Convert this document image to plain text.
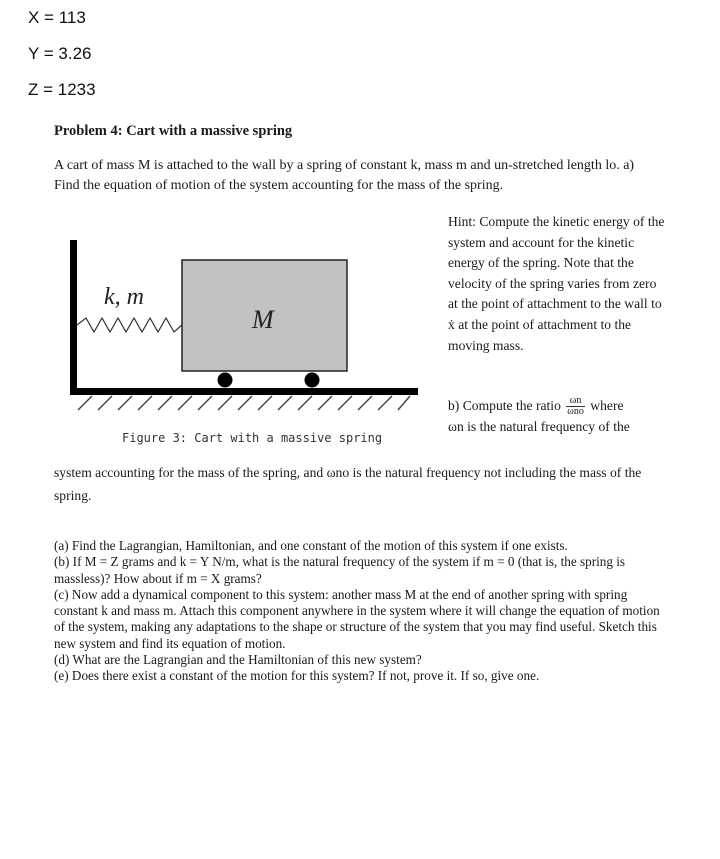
X = 113
Y = 3.26
Z = 1233
Problem 4: Cart with a massive spring
A cart of mass M is attached to the wall by a spring of constant k, mass m and un-stretched length lo. a) Find the equation of motion of the system accounting for the mass of the spring.
k, m
M
Figure 3: Cart with a massive spring
Hint: Compute the kinetic energy of the system and account for the kinetic energy of the spring. Note that the velocity of the spring varies from zero at the point of attachment to the wall to ẋ at the point of attachment to the moving mass.
b) Compute the ratio $\frac{\omega n}{\text{ωno}}$ where
ωn is the natural frequency of the
system accounting for the mass of the spring, and ωno is the natural frequency not including the mass of the spring.
(a) Find the Lagrangian, Hamiltonian, and one constant of the motion of this system if one exists.
(b) If M = Z grams and k = Y N/m, what is the natural frequency of the system if m = 0 (that is, the spring is massless)? How about if m = X grams?
(c) Now add a dynamical component to this system: another mass M at the end of another spring with spring constant k and mass m. Attach this component anywhere in the system where it will change the equation of motion of the system, making any adaptations to the shape or structure of the system that you may find useful. Sketch this new system and find its equation of motion.
(d) What are the Lagrangian and the Hamiltonian of this new system?
(e) Does there exist a constant of the motion for this system? If not, prove it. If so, give one.
